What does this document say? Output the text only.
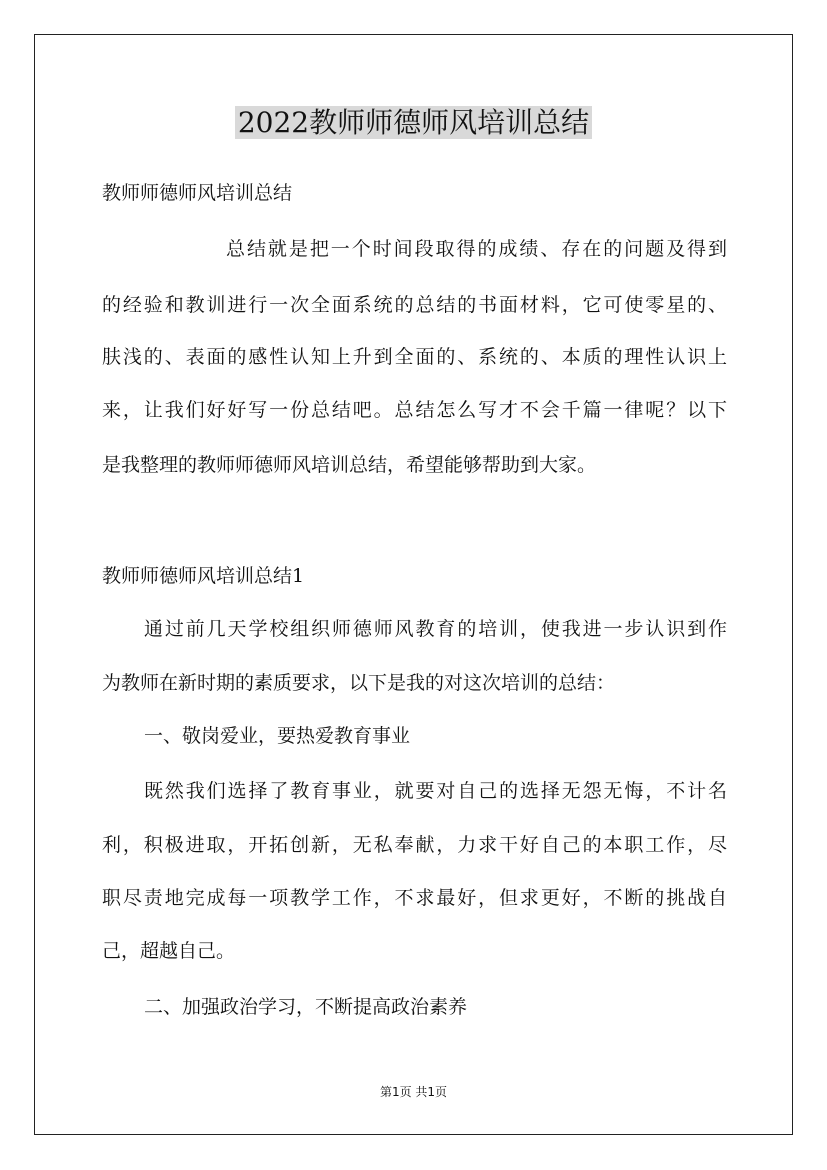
2022教师师德师风培训总结

教师师德师风培训总结

总结就是把一个时间段取得的成绩、存在的问题及得到

的经验和教训进行一次全面系统的总结的书面材料，它可使零星的、

肤浅的、表面的感性认知上升到全面的、系统的、本质的理性认识上

来，让我们好好写一份总结吧。总结怎么写才不会千篇一律呢？以下

是我整理的教师师德师风培训总结，希望能够帮助到大家。

教师师德师风培训总结1

通过前几天学校组织师德师风教育的培训，使我进一步认识到作

为教师在新时期的素质要求，以下是我的对这次培训的总结：

一、敬岗爱业，要热爱教育事业

既然我们选择了教育事业，就要对自己的选择无怨无悔，不计名

利，积极进取，开拓创新，无私奉献，力求干好自己的本职工作，尽

职尽责地完成每一项教学工作，不求最好，但求更好，不断的挑战自

己，超越自己。

二、加强政治学习，不断提高政治素养

第1页 共1页
